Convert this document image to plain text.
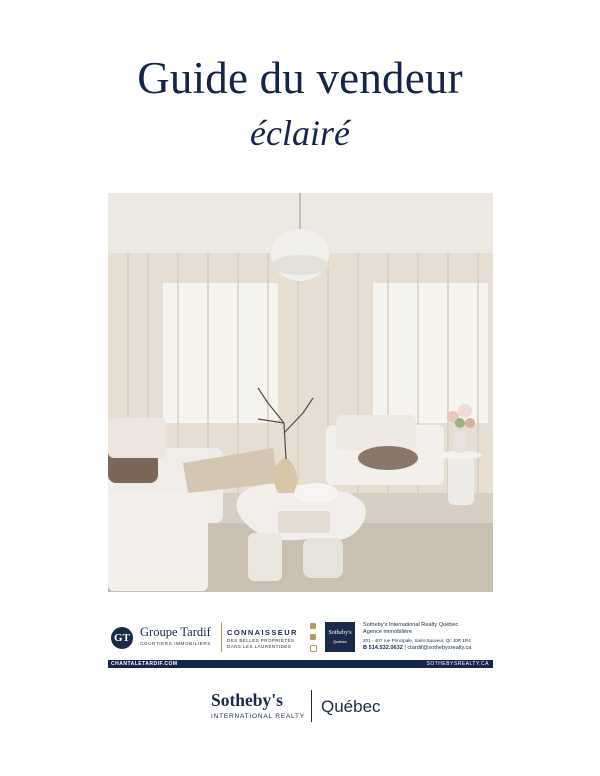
Guide du vendeur
éclairé
GT Groupe Tardif
COURTIERS IMMOBILIERS
CONNAISSEUR
DES BELLES PROPRIÉTÉS
DANS LES LAURENTIDES
Sotheby's
Québec
Sotheby's International Realty Québec
Agence immobilière
201 - 407 rue Principale, Saint-Sauveur, Qc J0R 1R4
B 514.532.0632 | ctardif@sothebysrealty.ca
CHANTALETARDIF.COM	SOTHEBYSREALTY.CA
Sotheby's
INTERNATIONAL REALTY
Québec
